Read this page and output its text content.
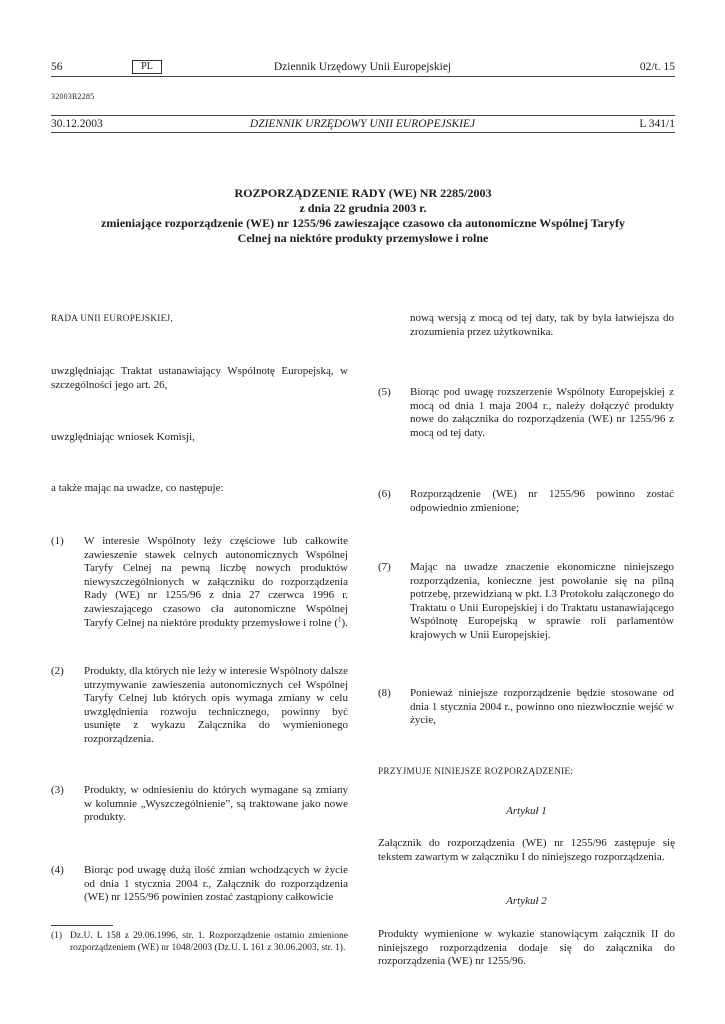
56	PL	Dziennik Urzędowy Unii Europejskiej	02/t. 15
32003R2285
30.12.2003	DZIENNIK URZĘDOWY UNII EUROPEJSKIEJ	L 341/1
ROZPORZĄDZENIE RADY (WE) NR 2285/2003
z dnia 22 grudnia 2003 r.
zmieniające rozporządzenie (WE) nr 1255/96 zawieszające czasowo cła autonomiczne Wspólnej Taryfy
Celnej na niektóre produkty przemysłowe i rolne
RADA UNII EUROPEJSKIEJ,
uwzględniając Traktat ustanawiający Wspólnotę Europejską, w szczególności jego art. 26,
uwzględniając wniosek Komisji,
a także mając na uwadze, co następuje:
(1) W interesie Wspólnoty leży częściowe lub całkowite zawieszenie stawek celnych autonomicznych Wspólnej Taryfy Celnej na pewną liczbę nowych produktów niewyszczególnionych w załączniku do rozporządzenia Rady (WE) nr 1255/96 z dnia 27 czerwca 1996 r. zawieszającego czasowo cła autonomiczne Wspólnej Taryfy Celnej na niektóre produkty przemysłowe i rolne ($^1$).
(2) Produkty, dla których nie leży w interesie Wspólnoty dalsze utrzymywanie zawieszenia autonomicznych ceł Wspólnej Taryfy Celnej lub których opis wymaga zmiany w celu uwzględnienia rozwoju technicznego, powinny być usunięte z wykazu Załącznika do wymienionego rozporządzenia.
(3) Produkty, w odniesieniu do których wymagane są zmiany w kolumnie „Wyszczególnienie”, są traktowane jako nowe produkty.
(4) Biorąc pod uwagę dużą ilość zmian wchodzących w życie od dnia 1 stycznia 2004 r., Załącznik do rozporządzenia (WE) nr 1255/96 powinien zostać zastąpiony całkowicie
(1) Dz.U. L 158 z 29.06.1996, str. 1. Rozporządzenie ostatnio zmienione rozporządzeniem (WE) nr 1048/2003 (Dz.U. L 161 z 30.06.2003, str. 1).
nową wersją z mocą od tej daty, tak by była łatwiejsza do zrozumienia przez użytkownika.
(5) Biorąc pod uwagę rozszerzenie Wspólnoty Europejskiej z mocą od dnia 1 maja 2004 r., należy dołączyć produkty nowe do załącznika do rozporządzenia (WE) nr 1255/96 z mocą od tej daty.
(6) Rozporządzenie (WE) nr 1255/96 powinno zostać odpowiednio zmienione;
(7) Mając na uwadze znaczenie ekonomiczne niniejszego rozporządzenia, konieczne jest powołanie się na pilną potrzebę, przewidzianą w pkt. I.3 Protokołu załączonego do Traktatu o Unii Europejskiej i do Traktatu ustanawiającego Wspólnotę Europejską w sprawie roli parlamentów krajowych w Unii Europejskiej.
(8) Ponieważ niniejsze rozporządzenie będzie stosowane od dnia 1 stycznia 2004 r., powinno ono niezwłocznie wejść w życie,
PRZYJMUJE NINIEJSZE ROZPORZĄDZENIE:
Artykuł 1
Załącznik do rozporządzenia (WE) nr 1255/96 zastępuje się tekstem zawartym w załączniku I do niniejszego rozporządzenia.
Artykuł 2
Produkty wymienione w wykazie stanowiącym załącznik II do niniejszego rozporządzenia dodaje się do załącznika do rozporządzenia (WE) nr 1255/96.
